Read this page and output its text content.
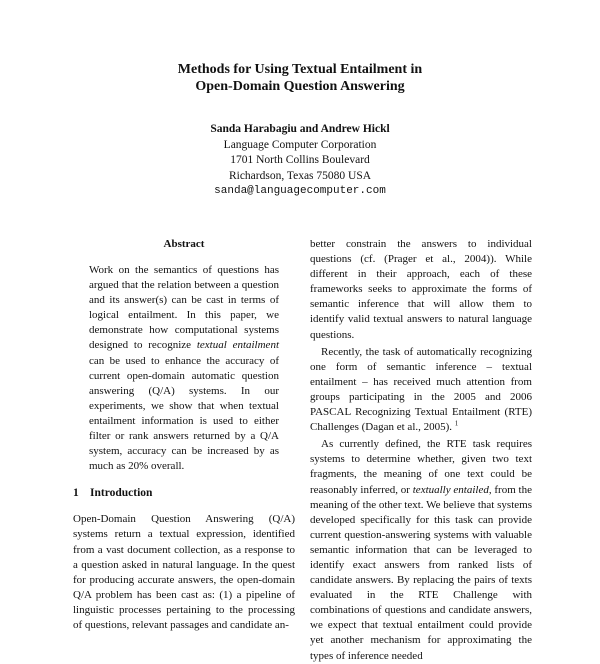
Methods for Using Textual Entailment in
Open-Domain Question Answering
Sanda Harabagiu and Andrew Hickl
Language Computer Corporation
1701 North Collins Boulevard
Richardson, Texas 75080 USA
sanda@languagecomputer.com
Abstract

Work on the semantics of questions has argued that the relation between a question and its answer(s) can be cast in terms of logical entailment. In this paper, we demonstrate how computational systems designed to recognize textual entailment can be used to enhance the accuracy of current open-domain automatic question answering (Q/A) systems. In our experiments, we show that when textual entailment information is used to either filter or rank answers returned by a Q/A system, accuracy can be increased by as much as 20% overall.

1 Introduction

Open-Domain Question Answering (Q/A) systems return a textual expression, identified from a vast document collection, as a response to a question asked in natural language. In the quest for producing accurate answers, the open-domain Q/A problem has been cast as: (1) a pipeline of linguistic processes pertaining to the processing of questions, relevant passages and candidate an-

better constrain the answers to individual questions (cf. (Prager et al., 2004)). While different in their approach, each of these frameworks seeks to approximate the forms of semantic inference that will allow them to identify valid textual answers to natural language questions.

Recently, the task of automatically recognizing one form of semantic inference – textual entailment – has received much attention from groups participating in the 2005 and 2006 PASCAL Recognizing Textual Entailment (RTE) Challenges (Dagan et al., 2005). $^1$

As currently defined, the RTE task requires systems to determine whether, given two text fragments, the meaning of one text could be reasonably inferred, or textually entailed, from the meaning of the other text. We believe that systems developed specifically for this task can provide current question-answering systems with valuable semantic information that can be leveraged to identify exact answers from ranked lists of candidate answers. By replacing the pairs of texts evaluated in the RTE Challenge with combinations of questions and candidate answers, we expect that textual entailment could provide yet another mechanism for approximating the types of inference needed
